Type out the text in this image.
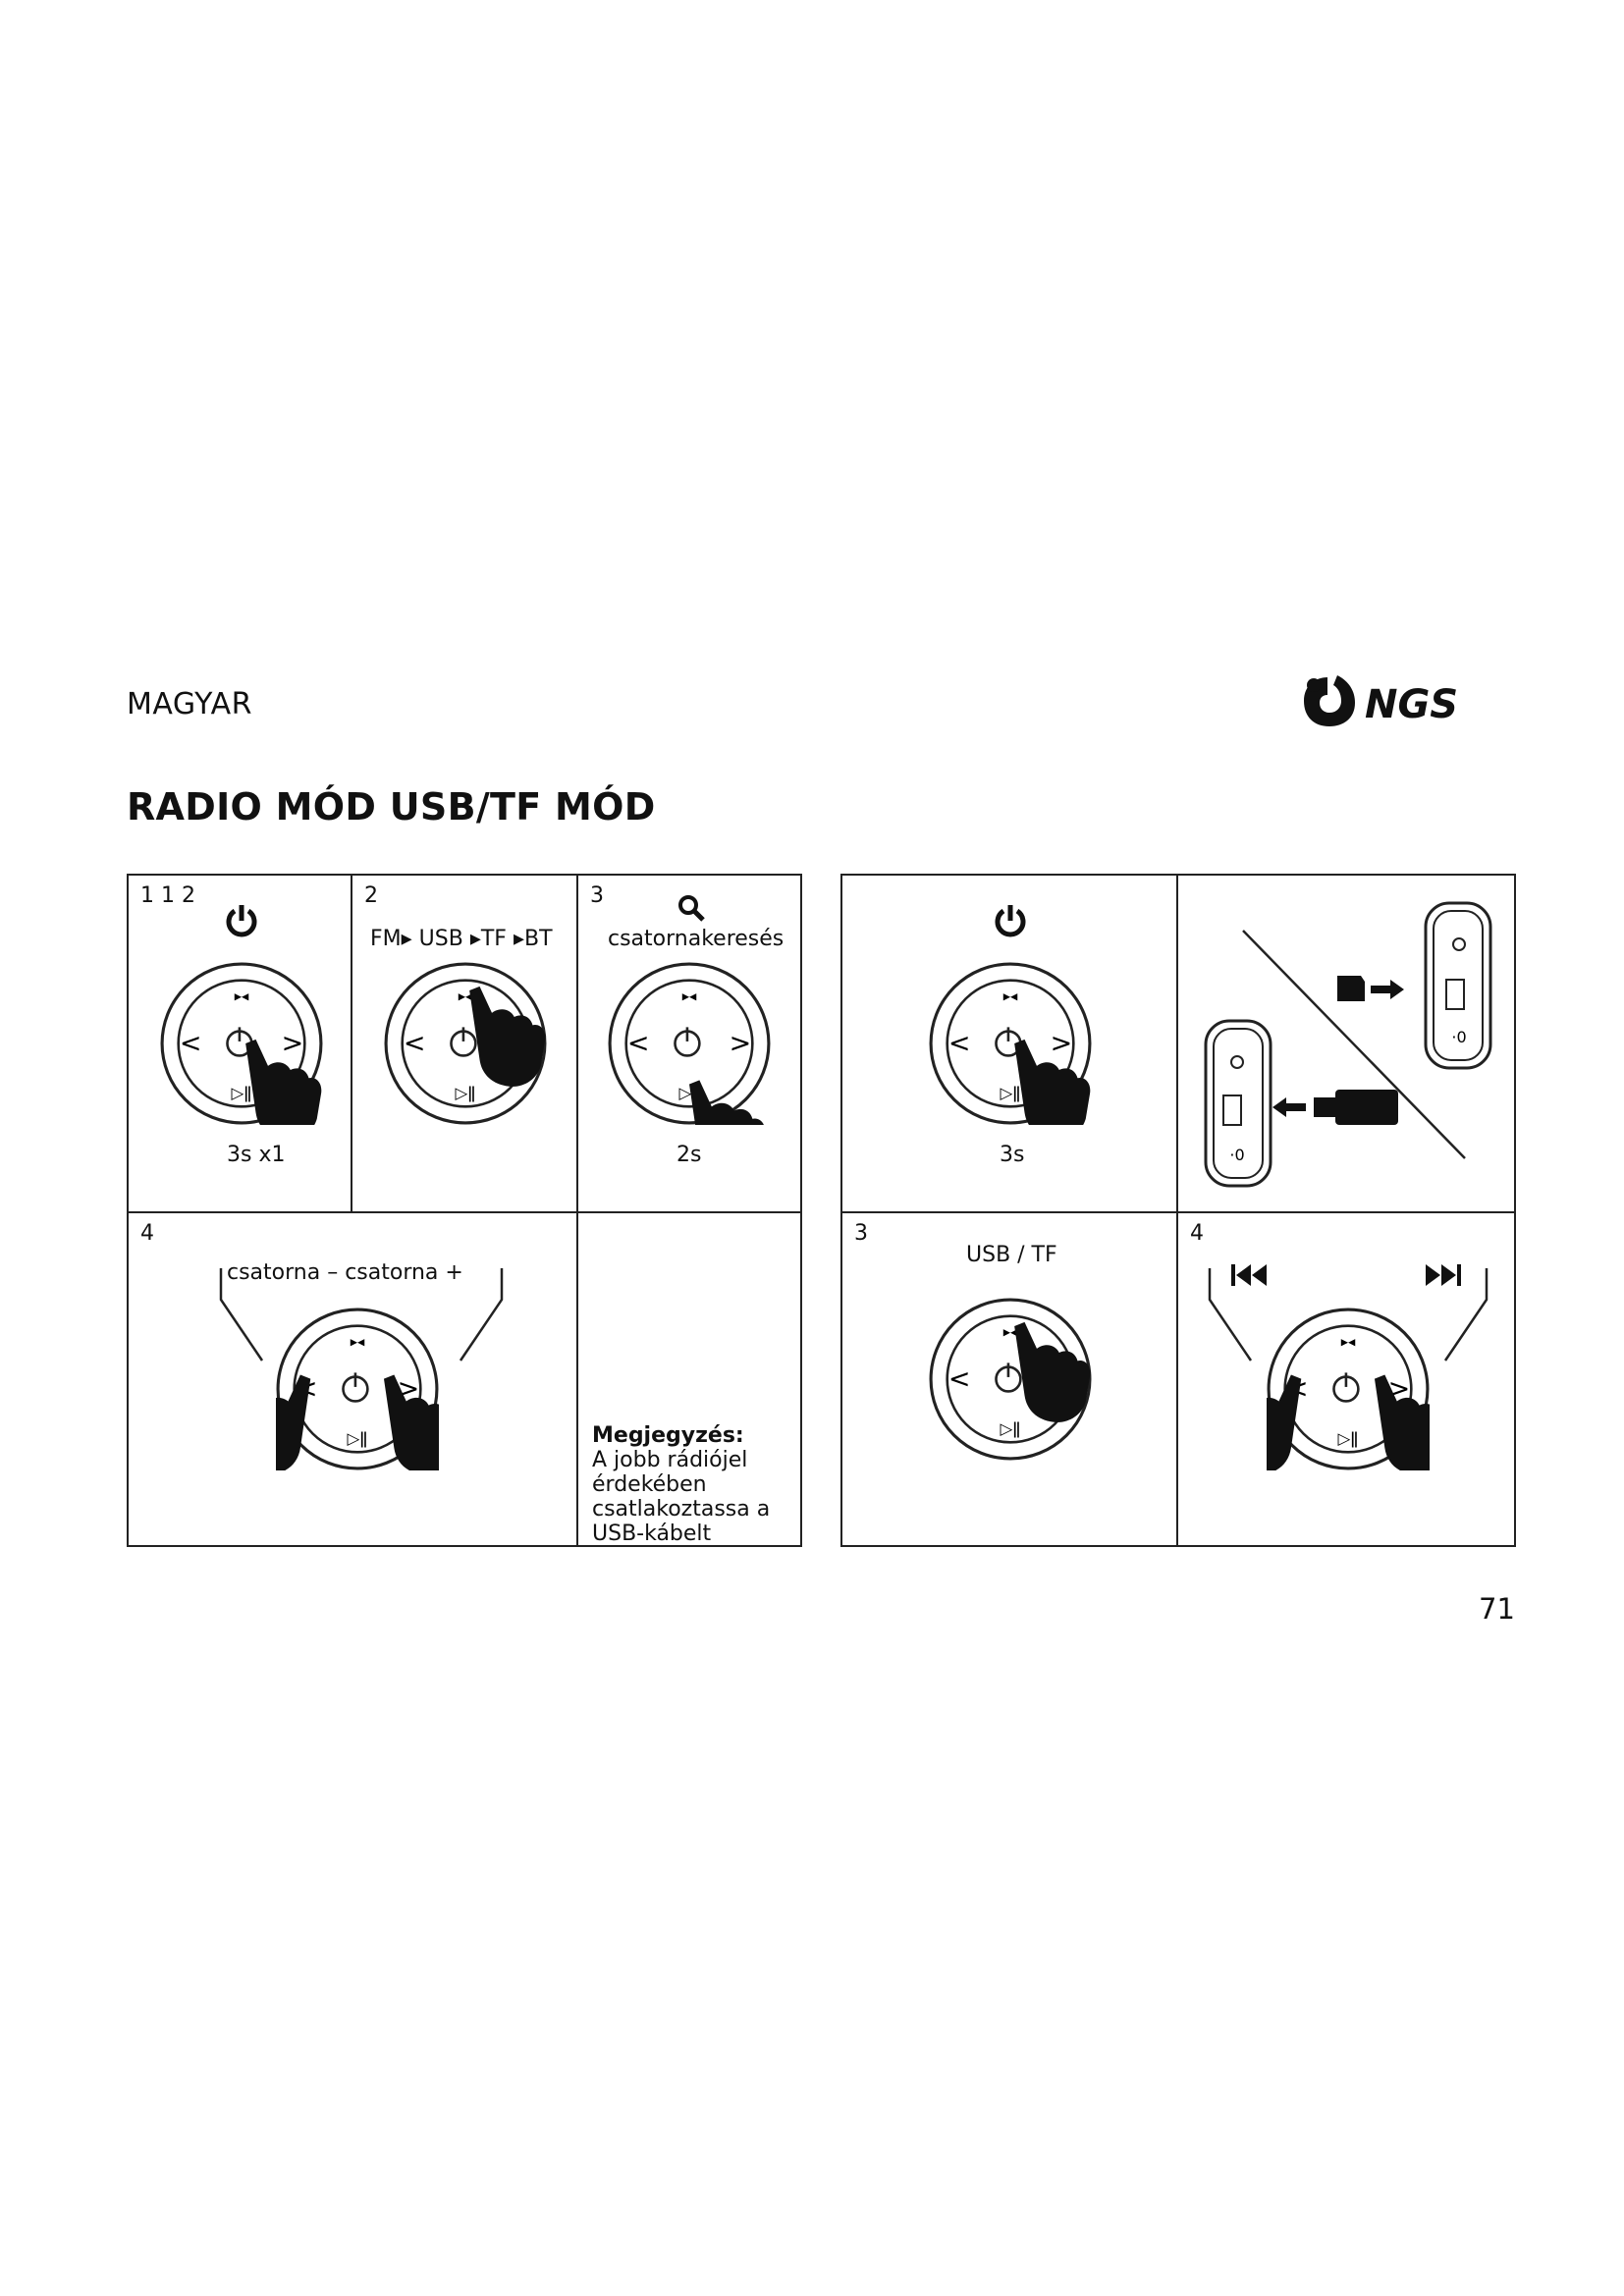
MAGYAR	NGS
RADIO MÓD USB/TF MÓD
1 1 2
3s x1
2
FM▸ USB ▸TF ▸BT
3
csatornakeresés
2s
4
csatorna – csatorna +
Megjegyzés:
A jobb rádiójel
érdekében
csatlakoztassa a
USB-kábelt
3s
·0
·0
3
USB / TF
4
71
